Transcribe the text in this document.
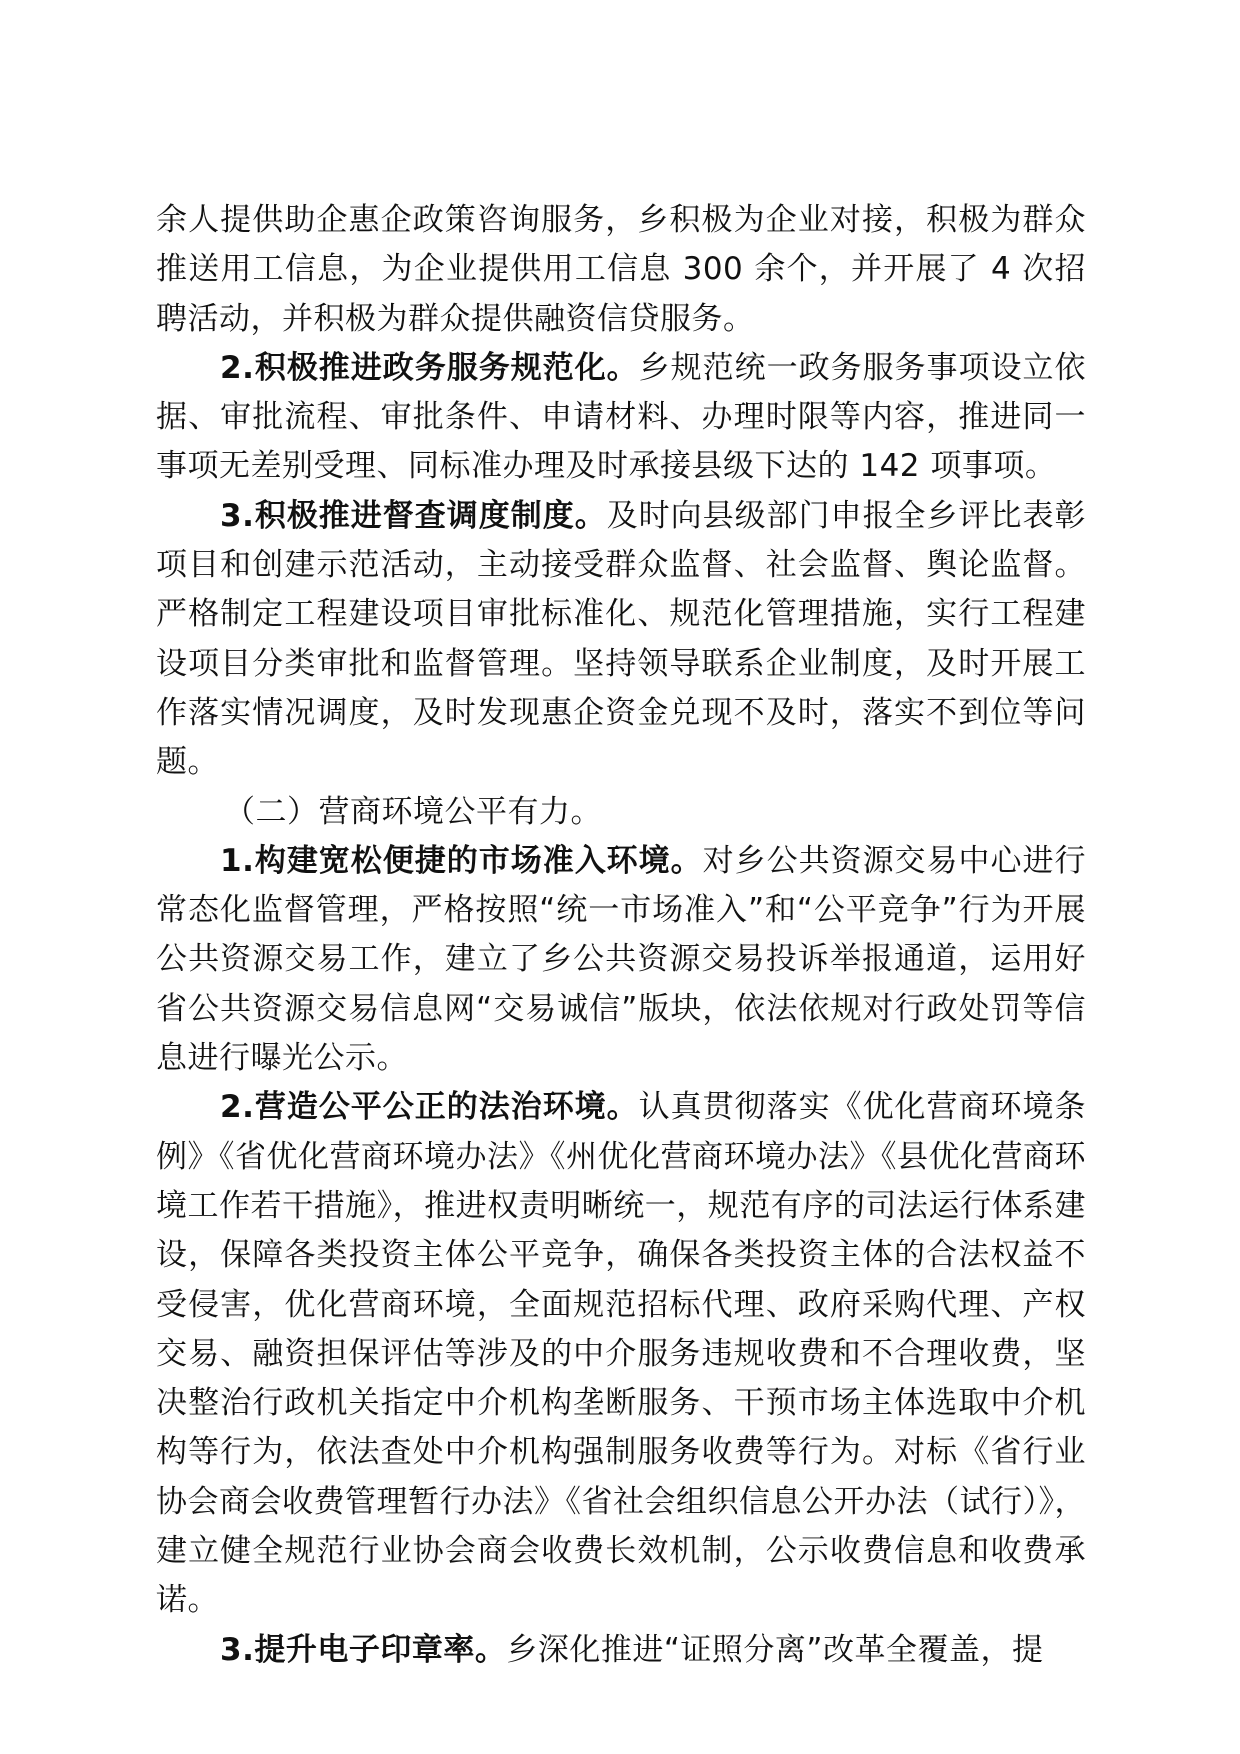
余人提供助企惠企政策咨询服务，乡积极为企业对接，积极为群众推送用工信息，为企业提供用工信息 300 余个，并开展了 4 次招聘活动，并积极为群众提供融资信贷服务。

2.积极推进政务服务规范化。乡规范统一政务服务事项设立依据、审批流程、审批条件、申请材料、办理时限等内容，推进同一事项无差别受理、同标准办理及时承接县级下达的 142 项事项。

3.积极推进督查调度制度。及时向县级部门申报全乡评比表彰项目和创建示范活动，主动接受群众监督、社会监督、舆论监督。严格制定工程建设项目审批标准化、规范化管理措施，实行工程建设项目分类审批和监督管理。坚持领导联系企业制度，及时开展工作落实情况调度，及时发现惠企资金兑现不及时，落实不到位等问题。

（二）营商环境公平有力。

1.构建宽松便捷的市场准入环境。对乡公共资源交易中心进行常态化监督管理，严格按照“统一市场准入”和“公平竞争”行为开展公共资源交易工作，建立了乡公共资源交易投诉举报通道，运用好省公共资源交易信息网“交易诚信”版块，依法依规对行政处罚等信息进行曝光公示。

2.营造公平公正的法治环境。认真贯彻落实《优化营商环境条例》《省优化营商环境办法》《州优化营商环境办法》《县优化营商环境工作若干措施》，推进权责明晰统一，规范有序的司法运行体系建设，保障各类投资主体公平竞争，确保各类投资主体的合法权益不受侵害，优化营商环境，全面规范招标代理、政府采购代理、产权交易、融资担保评估等涉及的中介服务违规收费和不合理收费，坚决整治行政机关指定中介机构垄断服务、干预市场主体选取中介机构等行为，依法查处中介机构强制服务收费等行为。对标《省行业协会商会收费管理暂行办法》《省社会组织信息公开办法（试行）》，建立健全规范行业协会商会收费长效机制，公示收费信息和收费承诺。

3.提升电子印章率。乡深化推进“证照分离”改革全覆盖，提
